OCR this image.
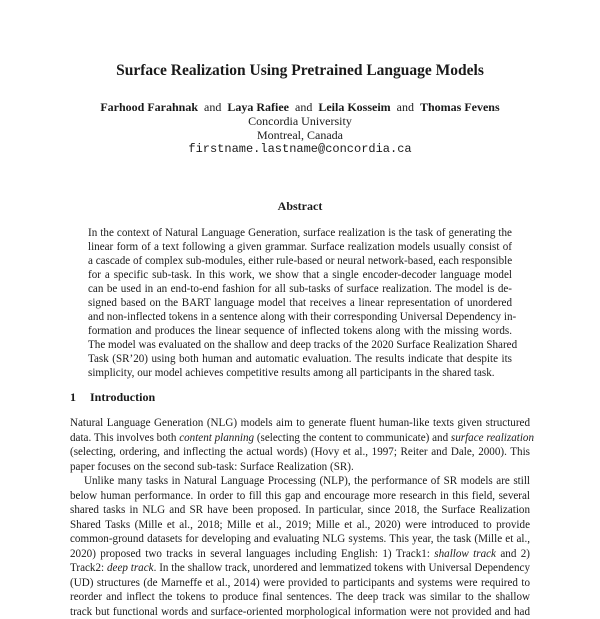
Surface Realization Using Pretrained Language Models
Farhood Farahnak and Laya Rafiee and Leila Kosseim and Thomas Fevens
Concordia University
Montreal, Canada
firstname.lastname@concordia.ca
Abstract
In the context of Natural Language Generation, surface realization is the task of generating the
linear form of a text following a given grammar. Surface realization models usually consist of
a cascade of complex sub-modules, either rule-based or neural network-based, each responsible
for a specific sub-task. In this work, we show that a single encoder-decoder language model
can be used in an end-to-end fashion for all sub-tasks of surface realization. The model is de-
signed based on the BART language model that receives a linear representation of unordered
and non-inflected tokens in a sentence along with their corresponding Universal Dependency in-
formation and produces the linear sequence of inflected tokens along with the missing words.
The model was evaluated on the shallow and deep tracks of the 2020 Surface Realization Shared
Task (SR’20) using both human and automatic evaluation. The results indicate that despite its
simplicity, our model achieves competitive results among all participants in the shared task.
1 Introduction
Natural Language Generation (NLG) models aim to generate fluent human-like texts given structured
data. This involves both content planning (selecting the content to communicate) and surface realization
(selecting, ordering, and inflecting the actual words) (Hovy et al., 1997; Reiter and Dale, 2000). This
paper focuses on the second sub-task: Surface Realization (SR).
Unlike many tasks in Natural Language Processing (NLP), the performance of SR models are still
below human performance. In order to fill this gap and encourage more research in this field, several
shared tasks in NLG and SR have been proposed. In particular, since 2018, the Surface Realization
Shared Tasks (Mille et al., 2018; Mille et al., 2019; Mille et al., 2020) were introduced to provide
common-ground datasets for developing and evaluating NLG systems. This year, the task (Mille et al.,
2020) proposed two tracks in several languages including English: 1) Track1: shallow track and 2)
Track2: deep track. In the shallow track, unordered and lemmatized tokens with Universal Dependency
(UD) structures (de Marneffe et al., 2014) were provided to participants and systems were required to
reorder and inflect the tokens to produce final sentences. The deep track was similar to the shallow
track but functional words and surface-oriented morphological information were not provided and had
